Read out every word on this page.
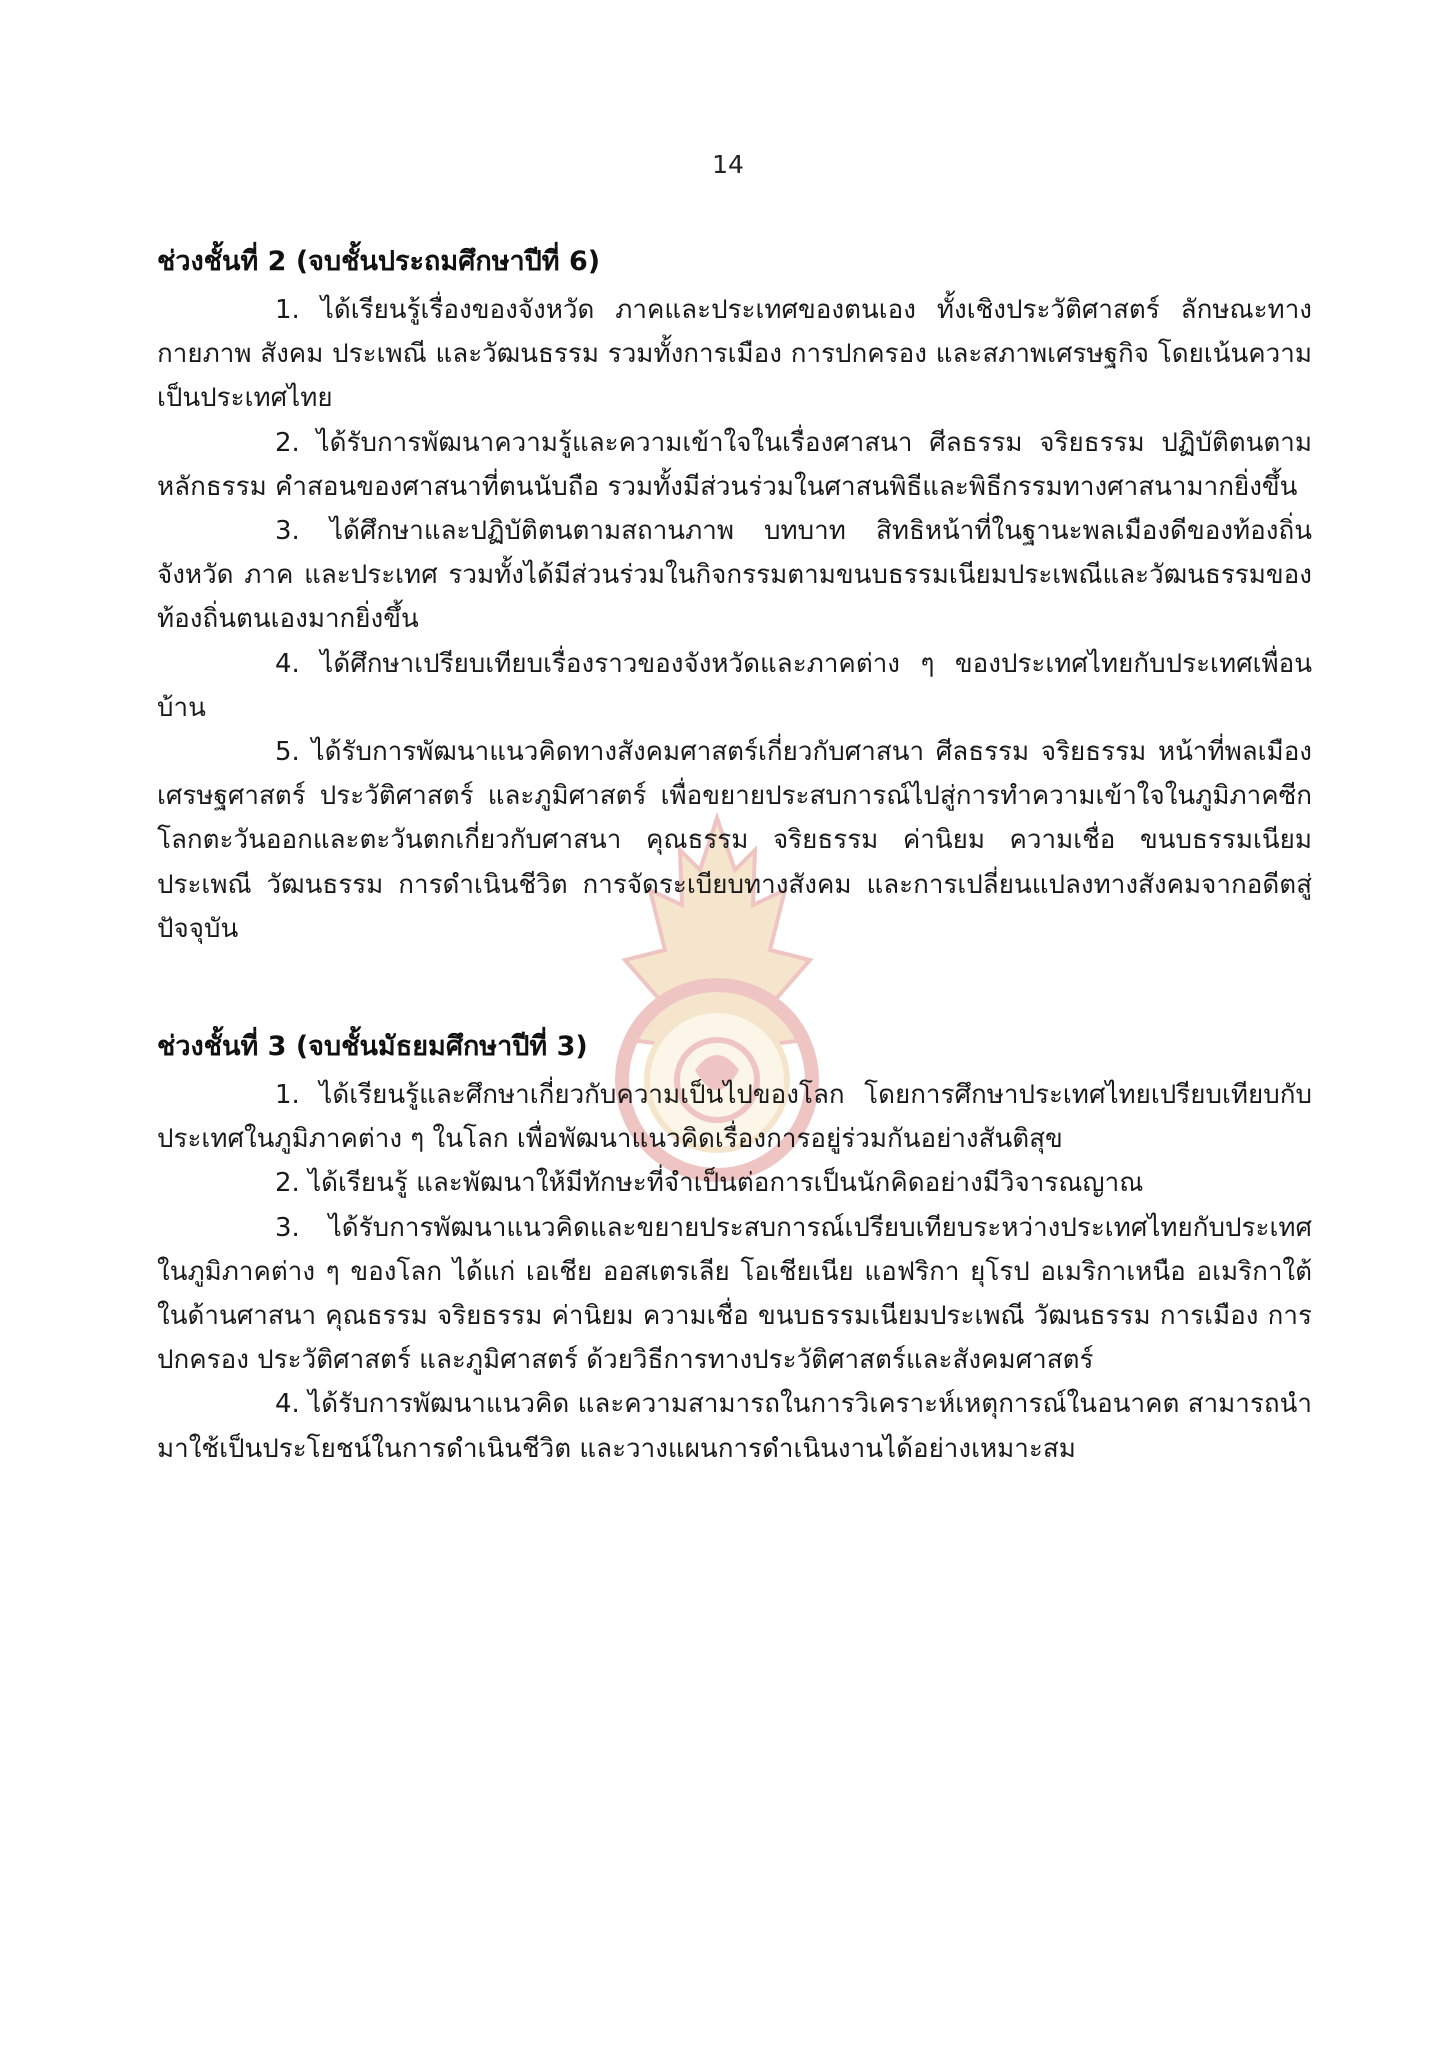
14
ช่วงชั้นที่ 2 (จบชั้นประถมศึกษาปีที่ 6)

1. ได้เรียนรู้เรื่องของจังหวัด ภาคและประเทศของตนเอง ทั้งเชิงประวัติศาสตร์ ลักษณะทางกายภาพ สังคม ประเพณี และวัฒนธรรม รวมทั้งการเมือง การปกครอง และสภาพเศรษฐกิจ โดยเน้นความเป็นประเทศไทย

2. ได้รับการพัฒนาความรู้และความเข้าใจในเรื่องศาสนา ศีลธรรม จริยธรรม ปฏิบัติตนตามหลักธรรม คำสอนของศาสนาที่ตนนับถือ รวมทั้งมีส่วนร่วมในศาสนพิธีและพิธีกรรมทางศาสนามากยิ่งขึ้น

3. ได้ศึกษาและปฏิบัติตนตามสถานภาพ บทบาท สิทธิหน้าที่ในฐานะพลเมืองดีของท้องถิ่น จังหวัด ภาค และประเทศ รวมทั้งได้มีส่วนร่วมในกิจกรรมตามขนบธรรมเนียมประเพณีและวัฒนธรรมของท้องถิ่นตนเองมากยิ่งขึ้น

4. ได้ศึกษาเปรียบเทียบเรื่องราวของจังหวัดและภาคต่าง ๆ ของประเทศไทยกับประเทศเพื่อนบ้าน

5. ได้รับการพัฒนาแนวคิดทางสังคมศาสตร์เกี่ยวกับศาสนา ศีลธรรม จริยธรรม หน้าที่พลเมือง เศรษฐศาสตร์ ประวัติศาสตร์ และภูมิศาสตร์ เพื่อขยายประสบการณ์ไปสู่การทำความเข้าใจในภูมิภาคซีกโลกตะวันออกและตะวันตกเกี่ยวกับศาสนา คุณธรรม จริยธรรม ค่านิยม ความเชื่อ ขนบธรรมเนียมประเพณี วัฒนธรรม การดำเนินชีวิต การจัดระเบียบทางสังคม และการเปลี่ยนแปลงทางสังคมจากอดีตสู่ปัจจุบัน

ช่วงชั้นที่ 3 (จบชั้นมัธยมศึกษาปีที่ 3)

1. ได้เรียนรู้และศึกษาเกี่ยวกับความเป็นไปของโลก โดยการศึกษาประเทศไทยเปรียบเทียบกับประเทศในภูมิภาคต่าง ๆ ในโลก เพื่อพัฒนาแนวคิดเรื่องการอยู่ร่วมกันอย่างสันติสุข

2. ได้เรียนรู้ และพัฒนาให้มีทักษะที่จำเป็นต่อการเป็นนักคิดอย่างมีวิจารณญาณ

3. ได้รับการพัฒนาแนวคิดและขยายประสบการณ์เปรียบเทียบระหว่างประเทศไทยกับประเทศในภูมิภาคต่าง ๆ ของโลก ได้แก่ เอเชีย ออสเตรเลีย โอเชียเนีย แอฟริกา ยุโรป อเมริกาเหนือ อเมริกาใต้ ในด้านศาสนา คุณธรรม จริยธรรม ค่านิยม ความเชื่อ ขนบธรรมเนียมประเพณี วัฒนธรรม การเมือง การปกครอง ประวัติศาสตร์ และภูมิศาสตร์ ด้วยวิธีการทางประวัติศาสตร์และสังคมศาสตร์

4. ได้รับการพัฒนาแนวคิด และความสามารถในการวิเคราะห์เหตุการณ์ในอนาคต สามารถนำมาใช้เป็นประโยชน์ในการดำเนินชีวิต และวางแผนการดำเนินงานได้อย่างเหมาะสม
